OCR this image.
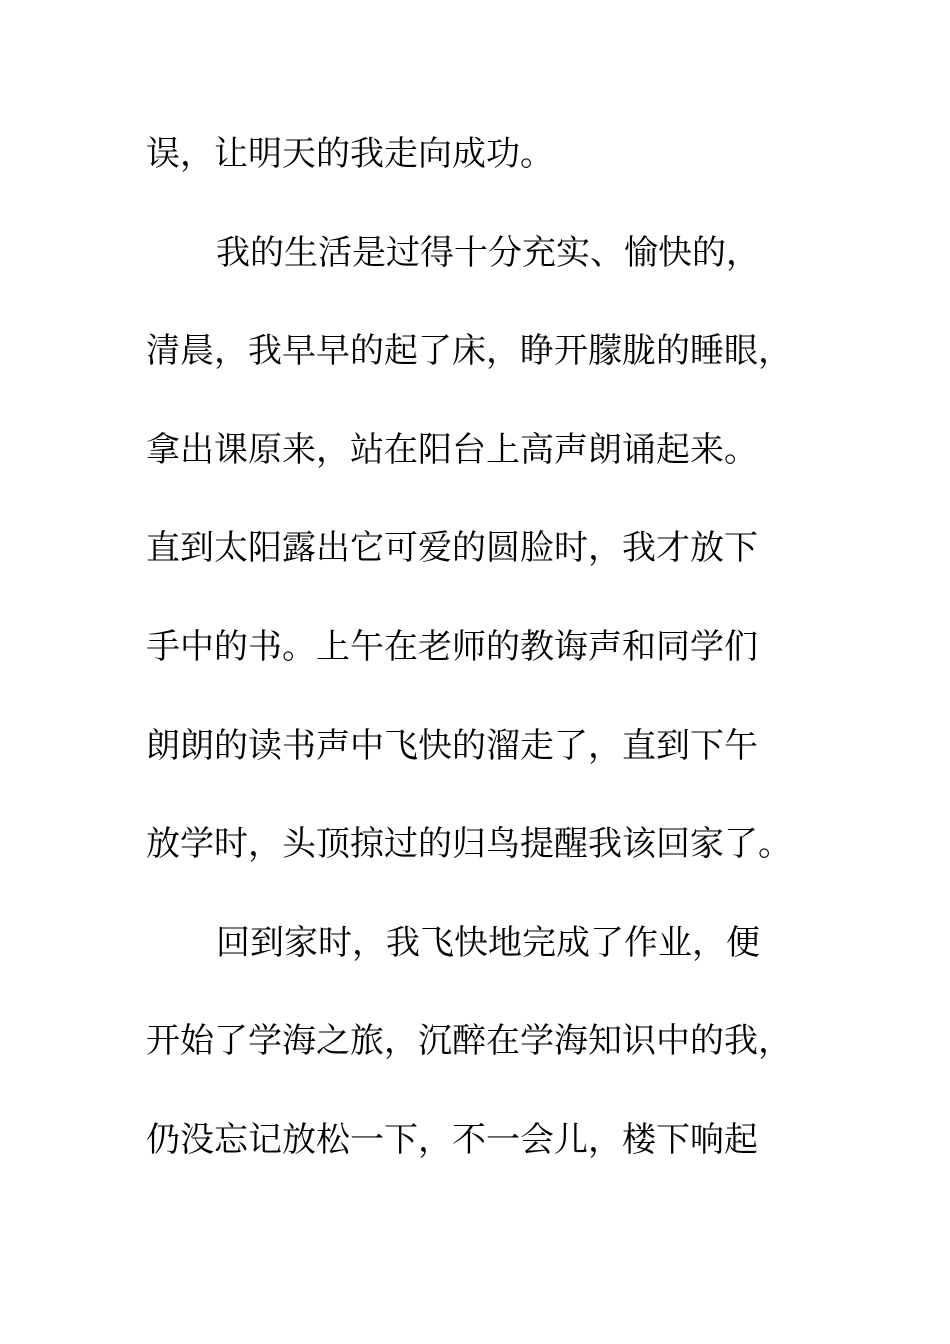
误，让明天的我走向成功。
我的生活是过得十分充实、愉快的，
清晨，我早早的起了床，睁开朦胧的睡眼，
拿出课原来，站在阳台上高声朗诵起来。
直到太阳露出它可爱的圆脸时，我才放下
手中的书。上午在老师的教诲声和同学们
朗朗的读书声中飞快的溜走了，直到下午
放学时，头顶掠过的归鸟提醒我该回家了。
回到家时，我飞快地完成了作业，便
开始了学海之旅，沉醉在学海知识中的我，
仍没忘记放松一下，不一会儿，楼下响起
